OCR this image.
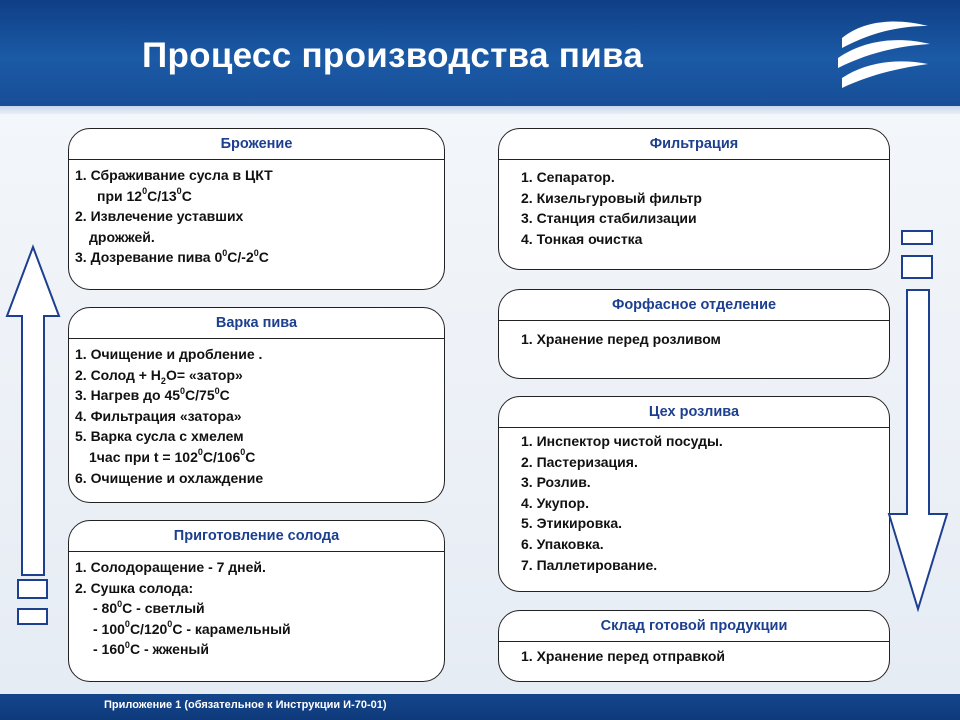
Процесс производства пива
Брожение
1. Сбраживание сусла в ЦКТ
при $12^0С/13^0С$
2. Извлечение уставших
дрожжей.
3. Дозревание пива $0^0С/-2^0С$
Варка пива
1. Очищение и дробление .
2. Солод + $Н_2О=$ «затор»
3. Нагрев до $45^0С/75^0С$
4. Фильтрация «затора»
5. Варка сусла с хмелем
1час при $t = 102^0С/106^0С$
6. Очищение и охлаждение
Приготовление солода
1. Солодоращение - 7 дней.
2. Сушка солода:
- $80^0С$ - светлый
- $100^0С/120^0С$ - карамельный
- $160^0С$ - жженый
Фильтрация
1. Сепаратор.
2. Кизельгуровый фильтр
3. Станция стабилизации
4. Тонкая очистка
Форфасное отделение
1. Хранение перед розливом
Цех розлива
1. Инспектор чистой посуды.
2. Пастеризация.
3. Розлив.
4. Укупор.
5. Этикировка.
6. Упаковка.
7. Паллетирование.
Склад готовой продукции
1. Хранение перед отправкой
Приложение 1 (обязательное к Инструкции И-70-01)
